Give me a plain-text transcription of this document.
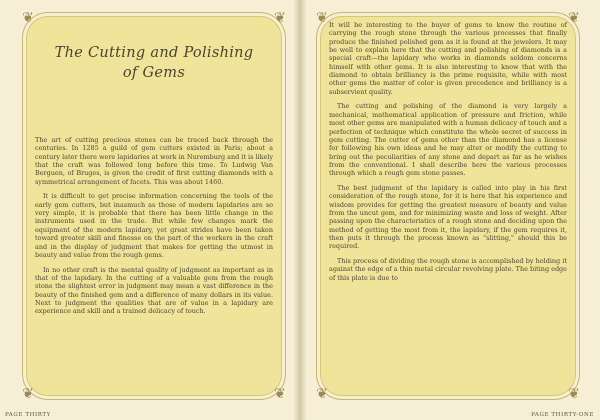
❦	❦
❦	❦
The Cutting and Polishing
of Gems

The art of cutting precious stones can be traced back through the centuries. In 1285 a guild of gem cutters existed in Paris; about a century later there were lapidaries at work in Nuremburg and it is likely that the craft was followed long before this time. To Ludwig Van Berguen, of Bruges, is given the credit of first cutting diamonds with a symmetrical arrangement of facets. This was about 1460.

It is difficult to get precise information concerning the tools of the early gem cutters, but inasmuch as those of modern lapidaries are so very simple, it is probable that there has been little change in the instruments used in the trade. But while few changes mark the equipment of the modern lapidary, yet great strides have been taken toward greater skill and finesse on the part of the workers in the craft and in the display of judgment that makes for getting the utmost in beauty and value from the rough gems.

In no other craft is the mental quality of judgment as important as in that of the lapidary. In the cutting of a valuable gem from the rough stone the slightest error in judgment may mean a vast difference in the beauty of the finished gem and a difference of many dollars in its value. Next to judgment the qualities that are of value in a lapidary are experience and skill and a trained delicacy of touch.

PAGE THIRTY
❦	❦
❦	❦

It will be interesting to the buyer of gems to know the routine of carrying the rough stone through the various processes that finally produce the finished polished gem as it is found at the jewelers. It may be well to explain here that the cutting and polishing of diamonds is a special craft—the lapidary who works in diamonds seldom concerns himself with other gems. It is also interesting to know that with the diamond to obtain brilliancy is the prime requisite, while with most other gems the matter of color is given precedence and brilliancy is a subservient quality.

The cutting and polishing of the diamond is very largely a mechanical, mathematical application of pressure and friction, while most other gems are manipulated with a human delicacy of touch and a perfection of technique which constitute the whole secret of success in gem cutting. The cutter of gems other than the diamond has a license for following his own ideas and he may alter or modify the cutting to bring out the peculiarities of any stone and depart as far as he wishes from the conventional. I shall describe here the various processes through which a rough gem stone passes.

The best judgment of the lapidary is called into play in his first consideration of the rough stone, for it is here that his experience and wisdom provides for getting the greatest measure of beauty and value from the uncut gem, and for minimizing waste and loss of weight. After passing upon the characteristics of a rough stone and deciding upon the method of getting the most from it, the lapidary, if the gem requires it, then puts it through the process known as "slitting," should this be required.

This process of dividing the rough stone is accomplished by holding it against the edge of a thin metal circular revolving plate. The biting edge of this plate is due to

PAGE THIRTY-ONE
